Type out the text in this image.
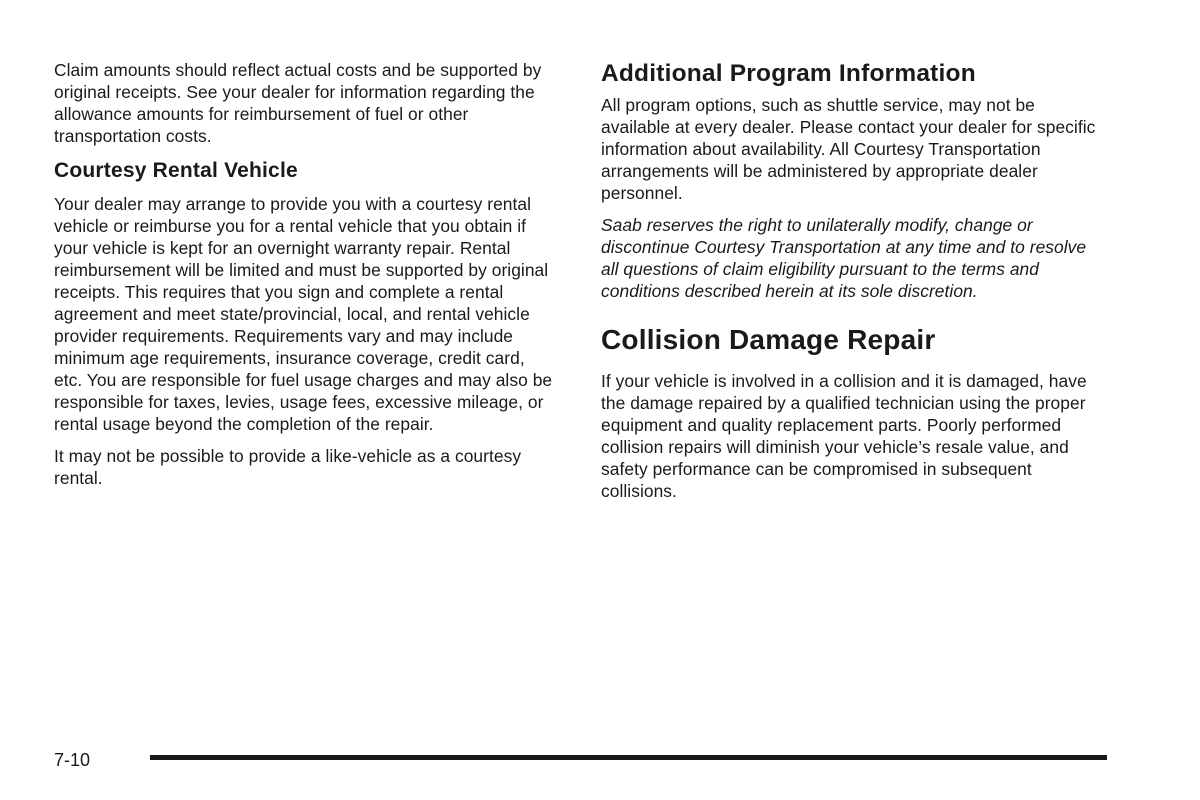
Claim amounts should reflect actual costs and be supported by original receipts. See your dealer for information regarding the allowance amounts for reimbursement of fuel or other transportation costs.

Courtesy Rental Vehicle

Your dealer may arrange to provide you with a courtesy rental vehicle or reimburse you for a rental vehicle that you obtain if your vehicle is kept for an overnight warranty repair. Rental reimbursement will be limited and must be supported by original receipts. This requires that you sign and complete a rental agreement and meet state/provincial, local, and rental vehicle provider requirements. Requirements vary and may include minimum age requirements, insurance coverage, credit card, etc. You are responsible for fuel usage charges and may also be responsible for taxes, levies, usage fees, excessive mileage, or rental usage beyond the completion of the repair.

It may not be possible to provide a like-vehicle as a courtesy rental.

Additional Program Information

All program options, such as shuttle service, may not be available at every dealer. Please contact your dealer for specific information about availability. All Courtesy Transportation arrangements will be administered by appropriate dealer personnel.

Saab reserves the right to unilaterally modify, change or discontinue Courtesy Transportation at any time and to resolve all questions of claim eligibility pursuant to the terms and conditions described herein at its sole discretion.

Collision Damage Repair

If your vehicle is involved in a collision and it is damaged, have the damage repaired by a qualified technician using the proper equipment and quality replacement parts. Poorly performed collision repairs will diminish your vehicle’s resale value, and safety performance can be compromised in subsequent collisions.

7-10
